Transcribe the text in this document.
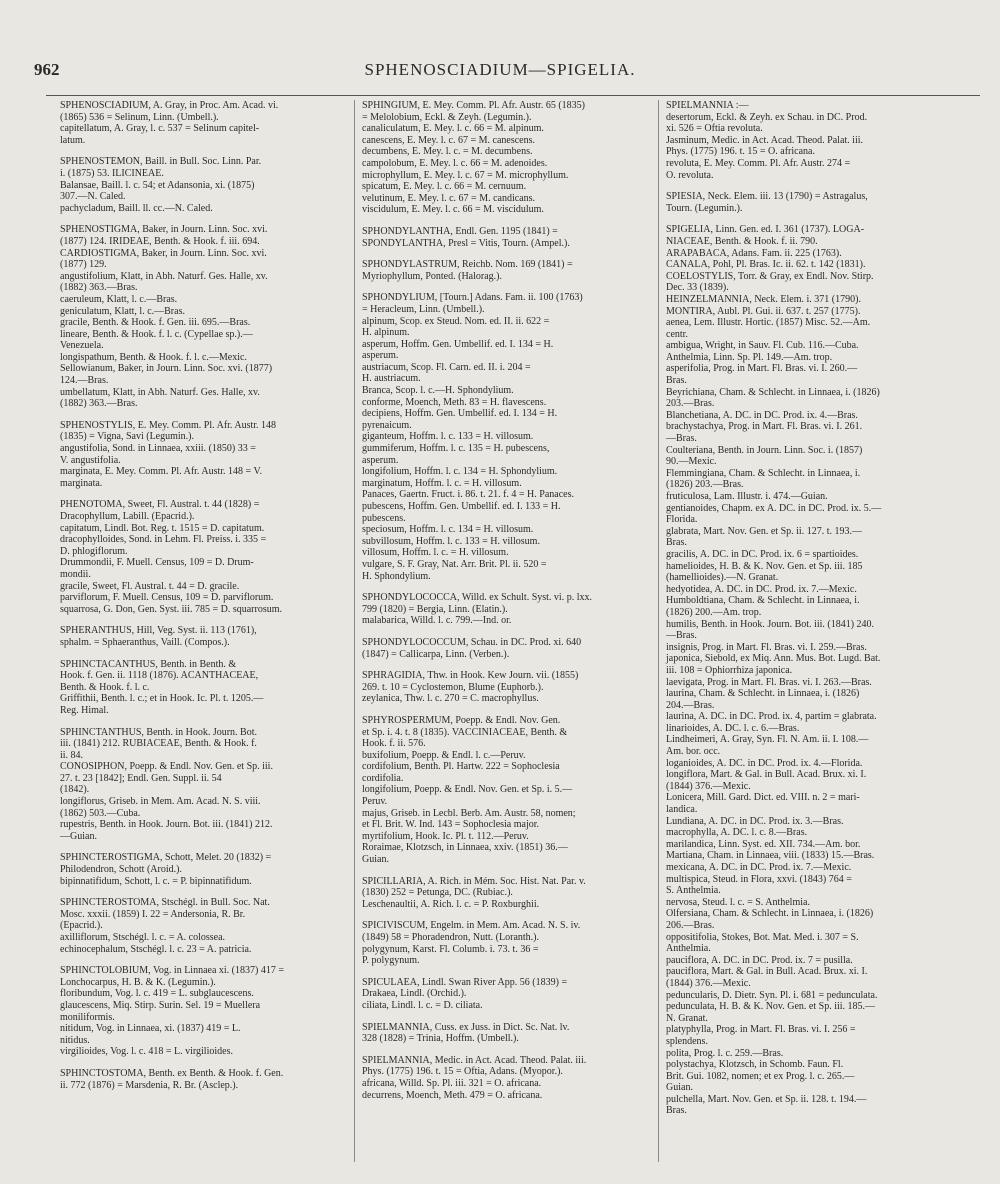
962	SPHENOSCIADIUM—SPIGELIA.
SPHENOSCIADIUM, A. Gray, in Proc. Am. Acad. vi.
(1865) 536 = Selinum, Linn. (Umbell.).
capitellatum, A. Gray, l. c. 537 = Selinum capitel-
latum.
SPHENOSTEMON, Baill. in Bull. Soc. Linn. Par.
i. (1875) 53. ILICINEAE.
Balansae, Baill. l. c. 54; et Adansonia, xi. (1875)
307.—N. Caled.
pachycladum, Baill. ll. cc.—N. Caled.
SPHENOSTIGMA, Baker, in Journ. Linn. Soc. xvi.
(1877) 124. IRIDEAE, Benth. & Hook. f. iii. 694.
CARDIOSTIGMA, Baker, in Journ. Linn. Soc. xvi.
(1877) 129.
angustifolium, Klatt, in Abh. Naturf. Ges. Halle, xv.
(1882) 363.—Bras.
caeruleum, Klatt, l. c.—Bras.
geniculatum, Klatt, l. c.—Bras.
gracile, Benth. & Hook. f. Gen. iii. 695.—Bras.
lineare, Benth. & Hook. f. l. c. (Cypellae sp.).—
Venezuela.
longispathum, Benth. & Hook. f. l. c.—Mexic.
Sellowianum, Baker, in Journ. Linn. Soc. xvi. (1877)
124.—Bras.
umbellatum, Klatt, in Abh. Naturf. Ges. Halle, xv.
(1882) 363.—Bras.
SPHENOSTYLIS, E. Mey. Comm. Pl. Afr. Austr. 148
(1835) = Vigna, Savi (Legumin.).
angustifolia, Sond. in Linnaea, xxiii. (1850) 33 =
V. angustifolia.
marginata, E. Mey. Comm. Pl. Afr. Austr. 148 = V.
marginata.
PHENOTOMA, Sweet, Fl. Austral. t. 44 (1828) =
Dracophyllum, Labill. (Epacrid.).
capitatum, Lindl. Bot. Reg. t. 1515 = D. capitatum.
dracophylloides, Sond. in Lehm. Fl. Preiss. i. 335 =
D. phlogiflorum.
Drummondii, F. Muell. Census, 109 = D. Drum-
mondii.
gracile, Sweet, Fl. Austral. t. 44 = D. gracile.
parviflorum, F. Muell. Census, 109 = D. parviflorum.
squarrosa, G. Don, Gen. Syst. iii. 785 = D. squarrosum.
SPHERANTHUS, Hill, Veg. Syst. ii. 113 (1761),
sphalm. = Sphaeranthus, Vaill. (Compos.).
SPHINCTACANTHUS, Benth. in Benth. &
Hook. f. Gen. ii. 1118 (1876). ACANTHACEAE,
Benth. & Hook. f. l. c.
Griffithii, Benth. l. c.; et in Hook. Ic. Pl. t. 1205.—
Reg. Himal.
SPHINCTANTHUS, Benth. in Hook. Journ. Bot.
iii. (1841) 212. RUBIACEAE, Benth. & Hook. f.
ii. 84.
CONOSIPHON, Poepp. & Endl. Nov. Gen. et Sp. iii.
27. t. 23 [1842]; Endl. Gen. Suppl. ii. 54
(1842).
longiflorus, Griseb. in Mem. Am. Acad. N. S. viii.
(1862) 503.—Cuba.
rupestris, Benth. in Hook. Journ. Bot. iii. (1841) 212.
—Guian.
SPHINCTEROSTIGMA, Schott, Melet. 20 (1832) =
Philodendron, Schott (Aroid.).
bipinnatifidum, Schott, l. c. = P. bipinnatifidum.
SPHINCTEROSTOMA, Stschégl. in Bull. Soc. Nat.
Mosc. xxxii. (1859) I. 22 = Andersonia, R. Br.
(Epacrid.).
axilliflorum, Stschégl. l. c. = A. colossea.
echinocephalum, Stschégl. l. c. 23 = A. patricia.
SPHINCTOLOBIUM, Vog. in Linnaea xi. (1837) 417 =
Lonchocarpus, H. B. & K. (Legumin.).
floribundum, Vog. l. c. 419 = L. subglaucescens.
glaucescens, Miq. Stirp. Surin. Sel. 19 = Muellera
moniliformis.
nitidum, Vog. in Linnaea, xi. (1837) 419 = L.
nitidus.
virgilioides, Vog. l. c. 418 = L. virgilioides.
SPHINCTOSTOMA, Benth. ex Benth. & Hook. f. Gen.
ii. 772 (1876) = Marsdenia, R. Br. (Asclep.).
SPHINGIUM, E. Mey. Comm. Pl. Afr. Austr. 65 (1835)
= Melolobium, Eckl. & Zeyh. (Legumin.).
canaliculatum, E. Mey. l. c. 66 = M. alpinum.
canescens, E. Mey. l. c. 67 = M. canescens.
decumbens, E. Mey. l. c. = M. decumbens.
campolobum, E. Mey. l. c. 66 = M. adenoides.
microphyllum, E. Mey. l. c. 67 = M. microphyllum.
spicatum, E. Mey. l. c. 66 = M. cernuum.
velutinum, E. Mey. l. c. 67 = M. candicans.
viscidulum, E. Mey. l. c. 66 = M. viscidulum.
SPHONDYLANTHA, Endl. Gen. 1195 (1841) =
SPONDYLANTHA, Presl = Vitis, Tourn. (Ampel.).
SPHONDYLASTRUM, Reichb. Nom. 169 (1841) =
Myriophyllum, Ponted. (Halorag.).
SPHONDYLIUM, [Tourn.] Adans. Fam. ii. 100 (1763)
= Heracleum, Linn. (Umbell.).
alpinum, Scop. ex Steud. Nom. ed. II. ii. 622 =
H. alpinum.
asperum, Hoffm. Gen. Umbellif. ed. I. 134 = H.
asperum.
austriacum, Scop. Fl. Carn. ed. II. i. 204 =
H. austriacum.
Branca, Scop. l. c.—H. Sphondylium.
conforme, Moench, Meth. 83 = H. flavescens.
decipiens, Hoffm. Gen. Umbellif. ed. I. 134 = H.
pyrenaicum.
giganteum, Hoffm. l. c. 133 = H. villosum.
gummiferum, Hoffm. l. c. 135 = H. pubescens,
asperum.
longifolium, Hoffm. l. c. 134 = H. Sphondylium.
marginatum, Hoffm. l. c. = H. villosum.
Panaces, Gaertn. Fruct. i. 86. t. 21. f. 4 = H. Panaces.
pubescens, Hoffm. Gen. Umbellif. ed. I. 133 = H.
pubescens.
speciosum, Hoffm. l. c. 134 = H. villosum.
subvillosum, Hoffm. l. c. 133 = H. villosum.
villosum, Hoffm. l. c. = H. villosum.
vulgare, S. F. Gray, Nat. Arr. Brit. Pl. ii. 520 =
H. Sphondylium.
SPHONDYLOCOCCA, Willd. ex Schult. Syst. vi. p. lxx.
799 (1820) = Bergia, Linn. (Elatin.).
malabarica, Willd. l. c. 799.—Ind. or.
SPHONDYLOCOCCUM, Schau. in DC. Prod. xi. 640
(1847) = Callicarpa, Linn. (Verben.).
SPHRAGIDIA, Thw. in Hook. Kew Journ. vii. (1855)
269. t. 10 = Cyclostemon, Blume (Euphorb.).
zeylanica, Thw. l. c. 270 = C. macrophyllus.
SPHYROSPERMUM, Poepp. & Endl. Nov. Gen.
et Sp. i. 4. t. 8 (1835). VACCINIACEAE, Benth. &
Hook. f. ii. 576.
buxifolium, Poepp. & Endl. l. c.—Peruv.
cordifolium, Benth. Pl. Hartw. 222 = Sophoclesia
cordifolia.
longifolium, Poepp. & Endl. Nov. Gen. et Sp. i. 5.—
Peruv.
majus, Griseb. in Lecbl. Berb. Am. Austr. 58, nomen;
et Fl. Brit. W. Ind. 143 = Sophoclesia major.
myrtifolium, Hook. Ic. Pl. t. 112.—Peruv.
Roraimae, Klotzsch, in Linnaea, xxiv. (1851) 36.—
Guian.
SPICILLARIA, A. Rich. in Mém. Soc. Hist. Nat. Par. v.
(1830) 252 = Petunga, DC. (Rubiac.).
Leschenaultii, A. Rich. l. c. = P. Roxburghii.
SPICIVISCUM, Engelm. in Mem. Am. Acad. N. S. iv.
(1849) 58 = Phoradendron, Nutt. (Loranth.).
polygynum, Karst. Fl. Columb. i. 73. t. 36 =
P. polygynum.
SPICULAEA, Lindl. Swan River App. 56 (1839) =
Drakaea, Lindl. (Orchid.).
ciliata, Lindl. l. c. = D. ciliata.
SPIELMANNIA, Cuss. ex Juss. in Dict. Sc. Nat. lv.
328 (1828) = Trinia, Hoffm. (Umbell.).
SPIELMANNIA, Medic. in Act. Acad. Theod. Palat. iii.
Phys. (1775) 196. t. 15 = Oftia, Adans. (Myopor.).
africana, Willd. Sp. Pl. iii. 321 = O. africana.
decurrens, Moench, Meth. 479 = O. africana.
SPIELMANNIA :—
desertorum, Eckl. & Zeyh. ex Schau. in DC. Prod.
xi. 526 = Oftia revoluta.
Jasminum, Medic. in Act. Acad. Theod. Palat. iii.
Phys. (1775) 196. t. 15 = O. africana.
revoluta, E. Mey. Comm. Pl. Afr. Austr. 274 =
O. revoluta.
SPIESIA, Neck. Elem. iii. 13 (1790) = Astragalus,
Tourn. (Legumin.).
SPIGELIA, Linn. Gen. ed. I. 361 (1737). LOGA-
NIACEAE, Benth. & Hook. f. ii. 790.
ARAPABACA, Adans. Fam. ii. 225 (1763).
CANALA, Pohl, Pl. Bras. Ic. ii. 62. t. 142 (1831).
COELOSTYLIS, Torr. & Gray, ex Endl. Nov. Stirp.
Dec. 33 (1839).
HEINZELMANNIA, Neck. Elem. i. 371 (1790).
MONTIRA, Aubl. Pl. Gui. ii. 637. t. 257 (1775).
aenea, Lem. Illustr. Hortic. (1857) Misc. 52.—Am.
centr.
ambigua, Wright, in Sauv. Fl. Cub. 116.—Cuba.
Anthelmia, Linn. Sp. Pl. 149.—Am. trop.
asperifolia, Prog. in Mart. Fl. Bras. vi. I. 260.—
Bras.
Beyrichiana, Cham. & Schlecht. in Linnaea, i. (1826)
203.—Bras.
Blanchetiana, A. DC. in DC. Prod. ix. 4.—Bras.
brachystachya, Prog. in Mart. Fl. Bras. vi. I. 261.
—Bras.
Coulteriana, Benth. in Journ. Linn. Soc. i. (1857)
90.—Mexic.
Flemmingiana, Cham. & Schlecht. in Linnaea, i.
(1826) 203.—Bras.
fruticulosa, Lam. Illustr. i. 474.—Guian.
gentianoides, Chapm. ex A. DC. in DC. Prod. ix. 5.—
Florida.
glabrata, Mart. Nov. Gen. et Sp. ii. 127. t. 193.—
Bras.
gracilis, A. DC. in DC. Prod. ix. 6 = spartioides.
hamelioides, H. B. & K. Nov. Gen. et Sp. iii. 185
(hamellioides).—N. Granat.
hedyotidea, A. DC. in DC. Prod. ix. 7.—Mexic.
Humboldtiana, Cham. & Schlecht. in Linnaea, i.
(1826) 200.—Am. trop.
humilis, Benth. in Hook. Journ. Bot. iii. (1841) 240.
—Bras.
insignis, Prog. in Mart. Fl. Bras. vi. I. 259.—Bras.
japonica, Siebold, ex Miq. Ann. Mus. Bot. Lugd. Bat.
iii. 108 = Ophiorrhiza japonica.
laevigata, Prog. in Mart. Fl. Bras. vi. I. 263.—Bras.
laurina, Cham. & Schlecht. in Linnaea, i. (1826)
204.—Bras.
laurina, A. DC. in DC. Prod. ix. 4, partim = glabrata.
linarioides, A. DC. l. c. 6.—Bras.
Lindheimeri, A. Gray, Syn. Fl. N. Am. ii. I. 108.—
Am. bor. occ.
loganioides, A. DC. in DC. Prod. ix. 4.—Florida.
longiflora, Mart. & Gal. in Bull. Acad. Brux. xi. I.
(1844) 376.—Mexic.
Lonicera, Mill. Gard. Dict. ed. VIII. n. 2 = mari-
landica.
Lundiana, A. DC. in DC. Prod. ix. 3.—Bras.
macrophylla, A. DC. l. c. 8.—Bras.
marilandica, Linn. Syst. ed. XII. 734.—Am. bor.
Martiana, Cham. in Linnaea, viii. (1833) 15.—Bras.
mexicana, A. DC. in DC. Prod. ix. 7.—Mexic.
multispica, Steud. in Flora, xxvi. (1843) 764 =
S. Anthelmia.
nervosa, Steud. l. c. = S. Anthelmia.
Olfersiana, Cham. & Schlecht. in Linnaea, i. (1826)
206.—Bras.
oppositifolia, Stokes, Bot. Mat. Med. i. 307 = S.
Anthelmia.
pauciflora, A. DC. in DC. Prod. ix. 7 = pusilla.
pauciflora, Mart. & Gal. in Bull. Acad. Brux. xi. I.
(1844) 376.—Mexic.
peduncularis, D. Dietr. Syn. Pl. i. 681 = pedunculata.
pedunculata, H. B. & K. Nov. Gen. et Sp. iii. 185.—
N. Granat.
platyphylla, Prog. in Mart. Fl. Bras. vi. I. 256 =
splendens.
polita, Prog. l. c. 259.—Bras.
polystachya, Klotzsch, in Schomb. Faun. Fl.
Brit. Gui. 1082, nomen; et ex Prog. l. c. 265.—
Guian.
pulchella, Mart. Nov. Gen. et Sp. ii. 128. t. 194.—
Bras.
